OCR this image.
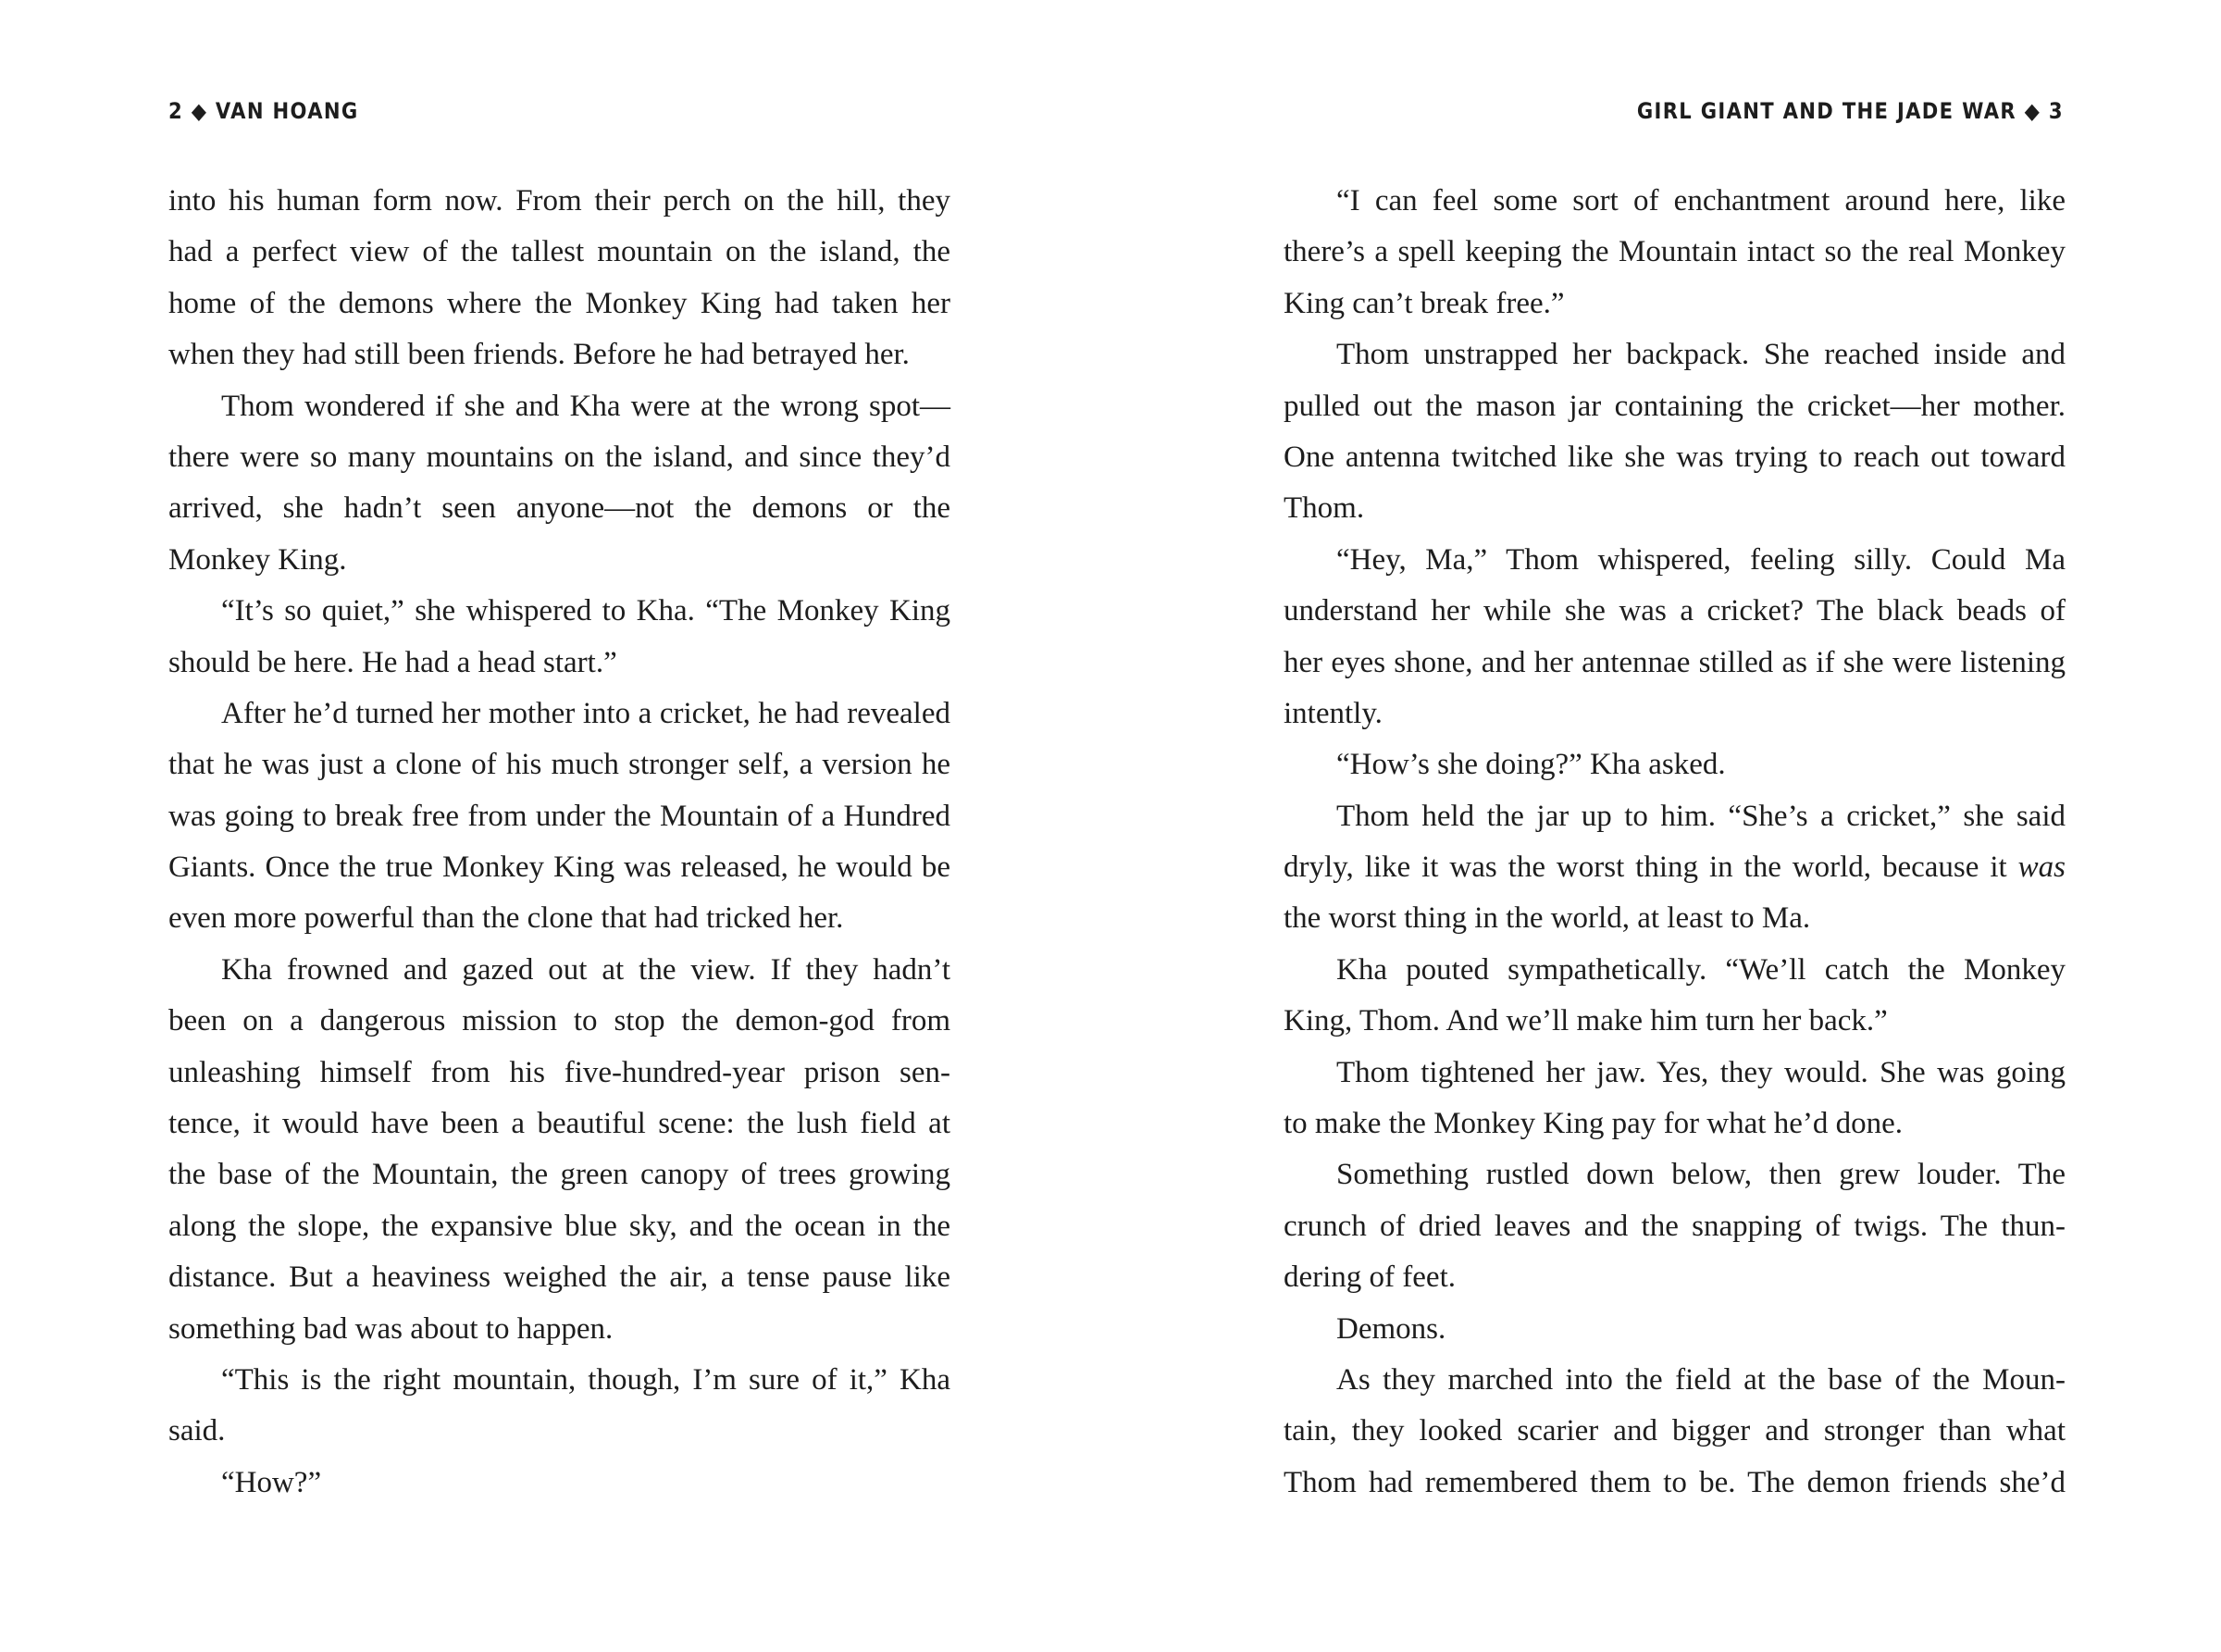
2 ◆ VAN HOANG	GIRL GIANT AND THE JADE WAR ◆ 3
into his human form now. From their perch on the hill, they
had a perfect view of the tallest mountain on the island, the
home of the demons where the Monkey King had taken her
when they had still been friends. Before he had betrayed her.
Thom wondered if she and Kha were at the wrong spot—
there were so many mountains on the island, and since they’d
arrived, she hadn’t seen anyone—not the demons or the
Monkey King.
“It’s so quiet,” she whispered to Kha. “The Monkey King
should be here. He had a head start.”
After he’d turned her mother into a cricket, he had revealed
that he was just a clone of his much stronger self, a version he
was going to break free from under the Mountain of a Hundred
Giants. Once the true Monkey King was released, he would be
even more powerful than the clone that had tricked her.
Kha frowned and gazed out at the view. If they hadn’t
been on a dangerous mission to stop the demon-god from
unleashing himself from his five-hundred-year prison sen-
tence, it would have been a beautiful scene: the lush field at
the base of the Mountain, the green canopy of trees growing
along the slope, the expansive blue sky, and the ocean in the
distance. But a heaviness weighed the air, a tense pause like
something bad was about to happen.
“This is the right mountain, though, I’m sure of it,” Kha
said.
“How?”
“I can feel some sort of enchantment around here, like
there’s a spell keeping the Mountain intact so the real Monkey
King can’t break free.”
Thom unstrapped her backpack. She reached inside and
pulled out the mason jar containing the cricket—her mother.
One antenna twitched like she was trying to reach out toward
Thom.
“Hey, Ma,” Thom whispered, feeling silly. Could Ma
understand her while she was a cricket? The black beads of
her eyes shone, and her antennae stilled as if she were listening
intently.
“How’s she doing?” Kha asked.
Thom held the jar up to him. “She’s a cricket,” she said
dryly, like it was the worst thing in the world, because it was
the worst thing in the world, at least to Ma.
Kha pouted sympathetically. “We’ll catch the Monkey
King, Thom. And we’ll make him turn her back.”
Thom tightened her jaw. Yes, they would. She was going
to make the Monkey King pay for what he’d done.
Something rustled down below, then grew louder. The
crunch of dried leaves and the snapping of twigs. The thun-
dering of feet.
Demons.
As they marched into the field at the base of the Moun-
tain, they looked scarier and bigger and stronger than what
Thom had remembered them to be. The demon friends she’d
